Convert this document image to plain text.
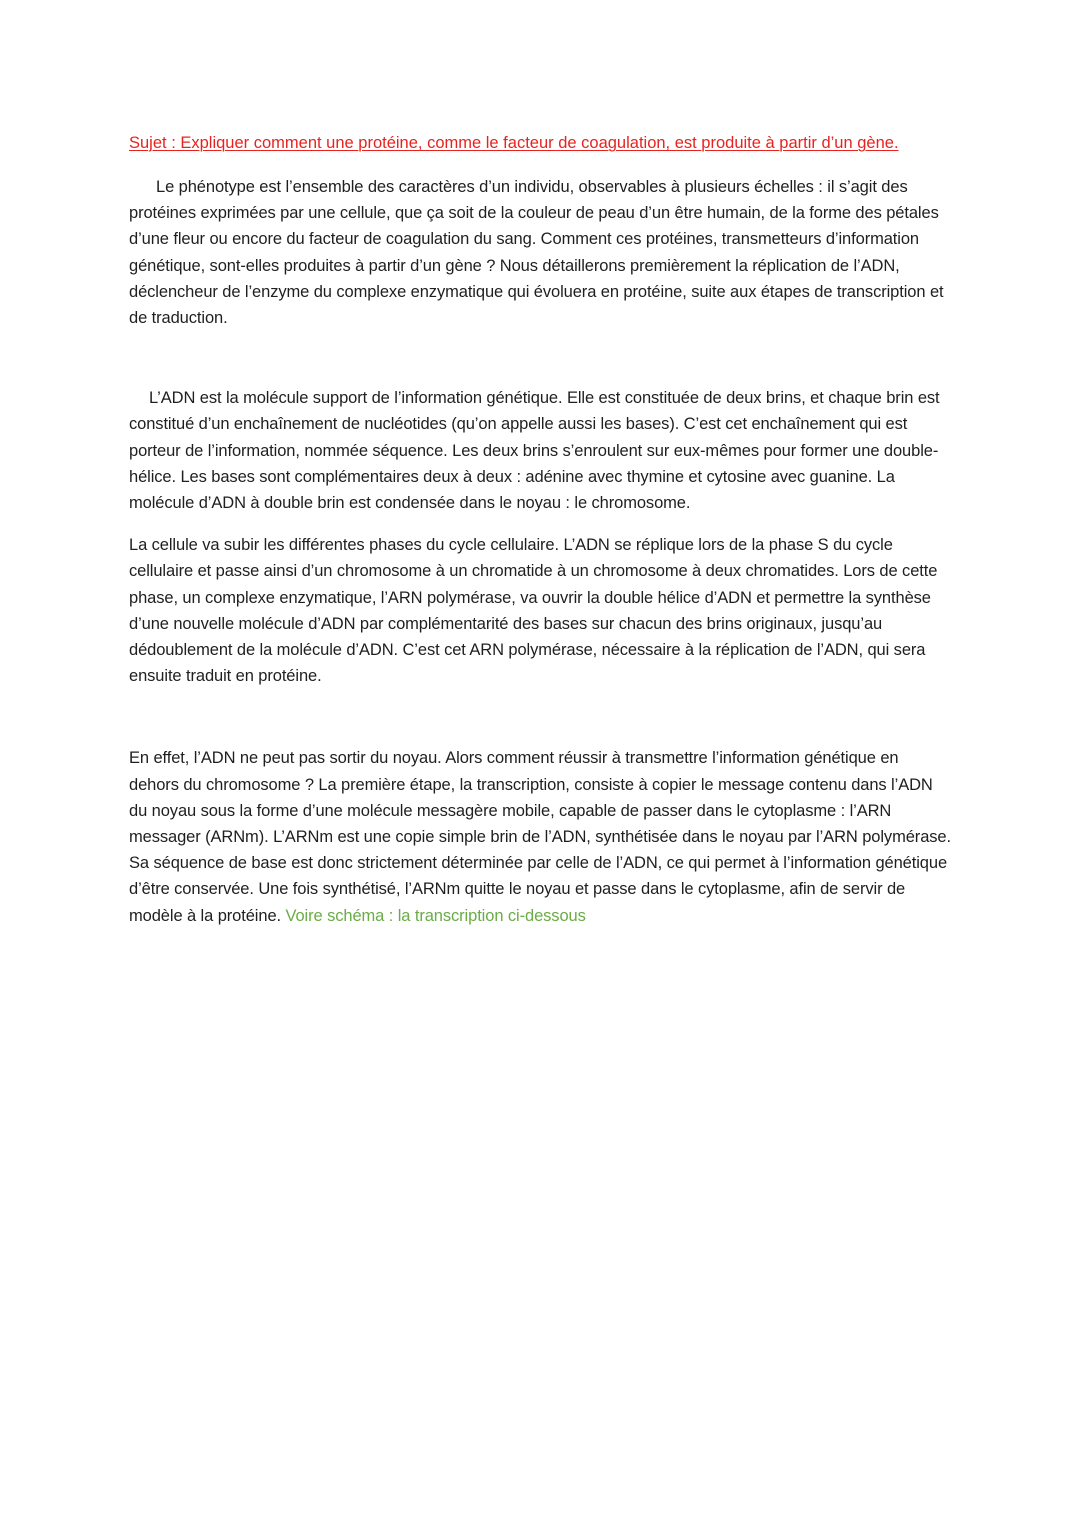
Sujet : Expliquer comment une protéine, comme le facteur de coagulation, est produite à partir d’un gène.

Le phénotype est l’ensemble des caractères d’un individu, observables à plusieurs échelles : il s’agit des protéines exprimées par une cellule, que ça soit de la couleur de peau d’un être humain, de la forme des pétales d’une fleur ou encore du facteur de coagulation du sang. Comment ces protéines, transmetteurs d’information génétique, sont-elles produites à partir d’un gène ? Nous détaillerons premièrement la réplication de l’ADN, déclencheur de l’enzyme du complexe enzymatique qui évoluera en protéine, suite aux étapes de transcription et de traduction.

L’ADN est la molécule support de l’information génétique. Elle est constituée de deux brins, et chaque brin est constitué d’un enchaînement de nucléotides (qu’on appelle aussi les bases). C’est cet enchaînement qui est porteur de l’information, nommée séquence. Les deux brins s’enroulent sur eux-mêmes pour former une double-hélice. Les bases sont complémentaires deux à deux : adénine avec thymine et cytosine avec guanine. La molécule d’ADN à double brin est condensée dans le noyau : le chromosome.

La cellule va subir les différentes phases du cycle cellulaire. L’ADN se réplique lors de la phase S du cycle cellulaire et passe ainsi d’un chromosome à un chromatide à un chromosome à deux chromatides. Lors de cette phase, un complexe enzymatique, l’ARN polymérase, va ouvrir la double hélice d’ADN et permettre la synthèse d’une nouvelle molécule d’ADN par complémentarité des bases sur chacun des brins originaux, jusqu’au dédoublement de la molécule d’ADN. C’est cet ARN polymérase, nécessaire à la réplication de l’ADN, qui sera ensuite traduit en protéine.

En effet, l’ADN ne peut pas sortir du noyau. Alors comment réussir à transmettre l’information génétique en dehors du chromosome ? La première étape, la transcription, consiste à copier le message contenu dans l’ADN du noyau sous la forme d’une molécule messagère mobile, capable de passer dans le cytoplasme : l’ARN messager (ARNm). L’ARNm est une copie simple brin de l’ADN, synthétisée dans le noyau par l’ARN polymérase. Sa séquence de base est donc strictement déterminée par celle de l’ADN, ce qui permet à l’information génétique d’être conservée. Une fois synthétisé, l’ARNm quitte le noyau et passe dans le cytoplasme, afin de servir de modèle à la protéine. Voire schéma : la transcription ci-dessous
